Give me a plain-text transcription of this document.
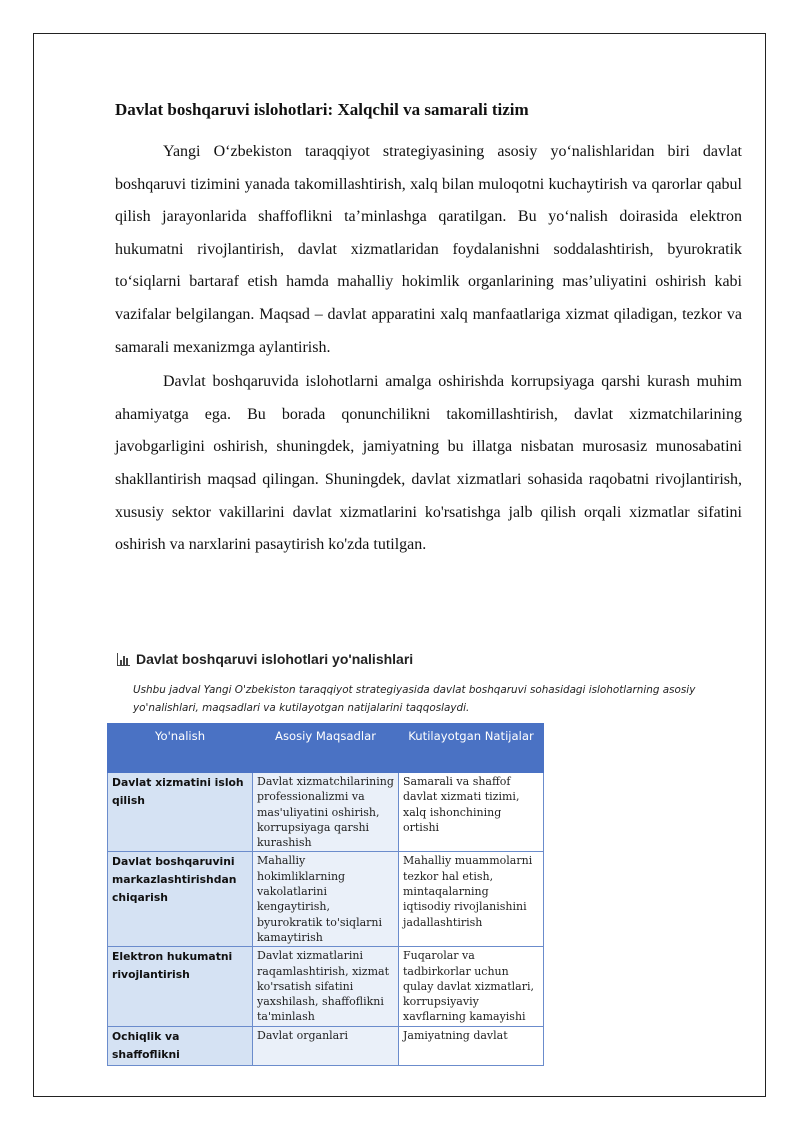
Davlat boshqaruvi islohotlari: Xalqchil va samarali tizim

Yangi O‘zbekiston taraqqiyot strategiyasining asosiy yo‘nalishlaridan biri davlat boshqaruvi tizimini yanada takomillashtirish, xalq bilan muloqotni kuchaytirish va qarorlar qabul qilish jarayonlarida shaffoflikni ta’minlashga qaratilgan. Bu yo‘nalish doirasida elektron hukumatni rivojlantirish, davlat xizmatlaridan foydalanishni soddalashtirish, byurokratik to‘siqlarni bartaraf etish hamda mahalliy hokimlik organlarining mas’uliyatini oshirish kabi vazifalar belgilangan. Maqsad – davlat apparatini xalq manfaatlariga xizmat qiladigan, tezkor va samarali mexanizmga aylantirish.

Davlat boshqaruvida islohotlarni amalga oshirishda korrupsiyaga qarshi kurash muhim ahamiyatga ega. Bu borada qonunchilikni takomillashtirish, davlat xizmatchilarining javobgarligini oshirish, shuningdek, jamiyatning bu illatga nisbatan murosasiz munosabatini shakllantirish maqsad qilingan. Shuningdek, davlat xizmatlari sohasida raqobatni rivojlantirish, xususiy sektor vakillarini davlat xizmatlarini ko'rsatishga jalb qilish orqali xizmatlar sifatini oshirish va narxlarini pasaytirish ko'zda tutilgan.

Davlat boshqaruvi islohotlari yo'nalishlari
Ushbu jadval Yangi O'zbekiston taraqqiyot strategiyasida davlat boshqaruvi sohasidagi islohotlarning asosiy yo'nalishlari, maqsadlari va kutilayotgan natijalarini taqqoslaydi.
Yo'nalish	Asosiy Maqsadlar	Kutilayotgan Natijalar
Davlat xizmatini isloh qilish	Davlat xizmatchilarining professionalizmi va mas'uliyatini oshirish, korrupsiyaga qarshi kurashish	Samarali va shaffof davlat xizmati tizimi, xalq ishonchining ortishi
Davlat boshqaruvini markazlashtirishdan chiqarish	Mahalliy hokimliklarning vakolatlarini kengaytirish, byurokratik to'siqlarni kamaytirish	Mahalliy muammolarni tezkor hal etish, mintaqalarning iqtisodiy rivojlanishini jadallashtirish
Elektron hukumatni rivojlantirish	Davlat xizmatlarini raqamlashtirish, xizmat ko'rsatish sifatini yaxshilash, shaffoflikni ta'minlash	Fuqarolar va tadbirkorlar uchun qulay davlat xizmatlari, korrupsiyaviy xavflarning kamayishi
Ochiqlik va shaffoflikni	Davlat organlari	Jamiyatning davlat
